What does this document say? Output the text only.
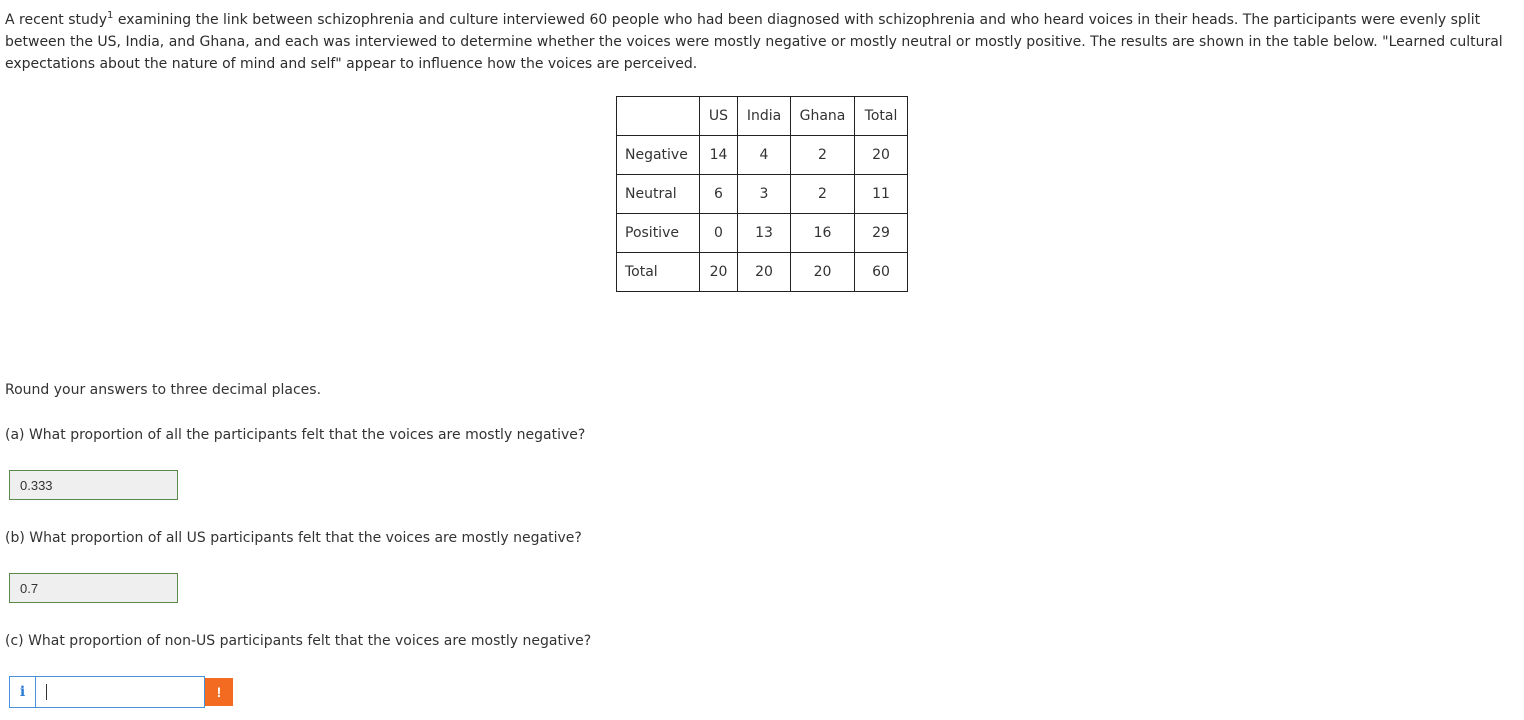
A recent study$^1$ examining the link between schizophrenia and culture interviewed 60 people who had been diagnosed with schizophrenia and who heard voices in their heads. The participants were evenly split between the US, India, and Ghana, and each was interviewed to determine whether the voices were mostly negative or mostly neutral or mostly positive. The results are shown in the table below. "Learned cultural expectations about the nature of mind and self" appear to influence how the voices are perceived.
	US	India	Ghana	Total
Negative	14	4	2	20
Neutral	6	3	2	11
Positive	0	13	16	29
Total	20	20	20	60
Round your answers to three decimal places.
(a) What proportion of all the participants felt that the voices are mostly negative?
0.333
(b) What proportion of all US participants felt that the voices are mostly negative?
0.7
(c) What proportion of non-US participants felt that the voices are mostly negative?
i	!
